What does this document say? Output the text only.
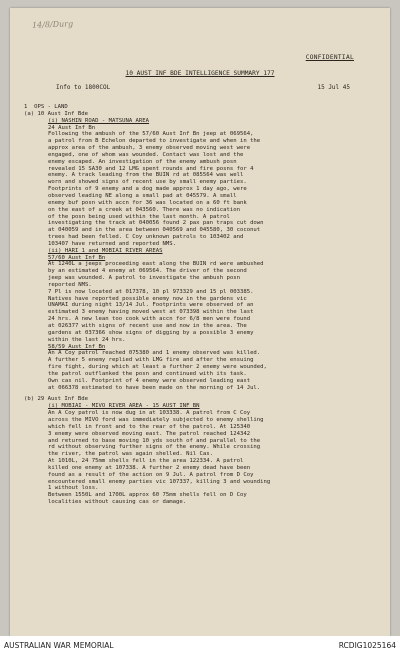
14/8/Durg
CONFIDENTIAL
10 AUST INF BDE INTELLIGENCE SUMMARY 177
Info to 1800COL	15 Jul 45
1  OPS - LAND
(a) 10 Aust Inf Bde
(i) NASHIN ROAD - MATSUNA AREA
24 Aust Inf Bn
Following the ambush of the 57/60 Aust Inf Bn jeep at 069564,
a patrol from B Echelon departed to investigate and when in the
approx area of the ambush, 3 enemy observed moving west were
engaged, one of whom was wounded. Contact was lost and the
enemy escaped. An investigation of the enemy ambush posn
revealed 15 SA30 and 12 LMG spent rounds and fire posns for 4
enemy. A track leading from the BUIN rd at 085564 was well
worn and showed signs of recent use by small enemy parties.
Footprints of 9 enemy and a dog made approx 1 day ago, were
observed leading NE along a small pad at 045579. A small
enemy buf posn with accn for 36 was located on a 60 ft bank
on the east of a creek at 043560. There was no indication
of the posn being used within the last month. A patrol
investigating the track at 040056 found 2 pax pan traps cut down
at 040059 and in the area between 040569 and 045580, 30 coconut
trees had been felled. C Coy unknown patrols to 103402 and
103407 have returned and reported NMS.
(ii) HARI 1 and MOBIAI RIVER AREAS
57/60 Aust Inf Bn
At 1240L a jeeps proceeding east along the BUIN rd were ambushed
by an estimated 4 enemy at 069564. The driver of the second
jeep was wounded. A patrol to investigate the ambush posn
reported NMS.
7 Pl is now located at 017378, 10 pl 973329 and 15 pl 003385.
Natives have reported possible enemy now in the gardens vic
UNAMAI during night 13/14 Jul. Footprints were observed of an
estimated 3 enemy having moved west at 073398 within the last
24 hrs. A new lean too cook with accn for 6/8 men were found
at 026377 with signs of recent use and now in the area. The
gardens at 037366 show signs of digging by a possible 3 enemy
within the last 24 hrs.
58/59 Aust Inf Bn
An A Coy patrol reached 075380 and 1 enemy observed was killed.
A further 5 enemy replied with LMG fire and after the ensuing
fire fight, during which at least a further 2 enemy were wounded,
the patrol outflanked the posn and continued with its task.
Own cas nil. Footprint of 4 enemy were observed leading east
at 066378 estimated to have been made on the morning of 14 Jul.
(b) 29 Aust Inf Bde
(i) MOBIAI - MIVO RIVER AREA - 15 AUST INF BN
An A Coy patrol is now dug in at 103338. A patrol from C Coy
across the MIVO ford was immediately subjected to enemy shelling
which fell in front and to the rear of the patrol. At 125340
3 enemy were observed moving east. The patrol reached 124342
and returned to base moving 10 yds south of and parallel to the
rd without observing further signs of the enemy. While crossing
the river, the patrol was again shelled. Nil Cas.
At 1010L, 24 75mm shells fell in the area 122334. A patrol
killed one enemy at 107338. A further 2 enemy dead have been
found as a result of the action on 9 Jul. A patrol from D Coy
encountered small enemy parties vic 107337, killing 3 and wounding
1 without loss.
Between 1550L and 1700L approx 60 75mm shells fell on D Coy
localities without causing cas or damage.
AUSTRALIAN WAR MEMORIAL	RCDIG1025164
